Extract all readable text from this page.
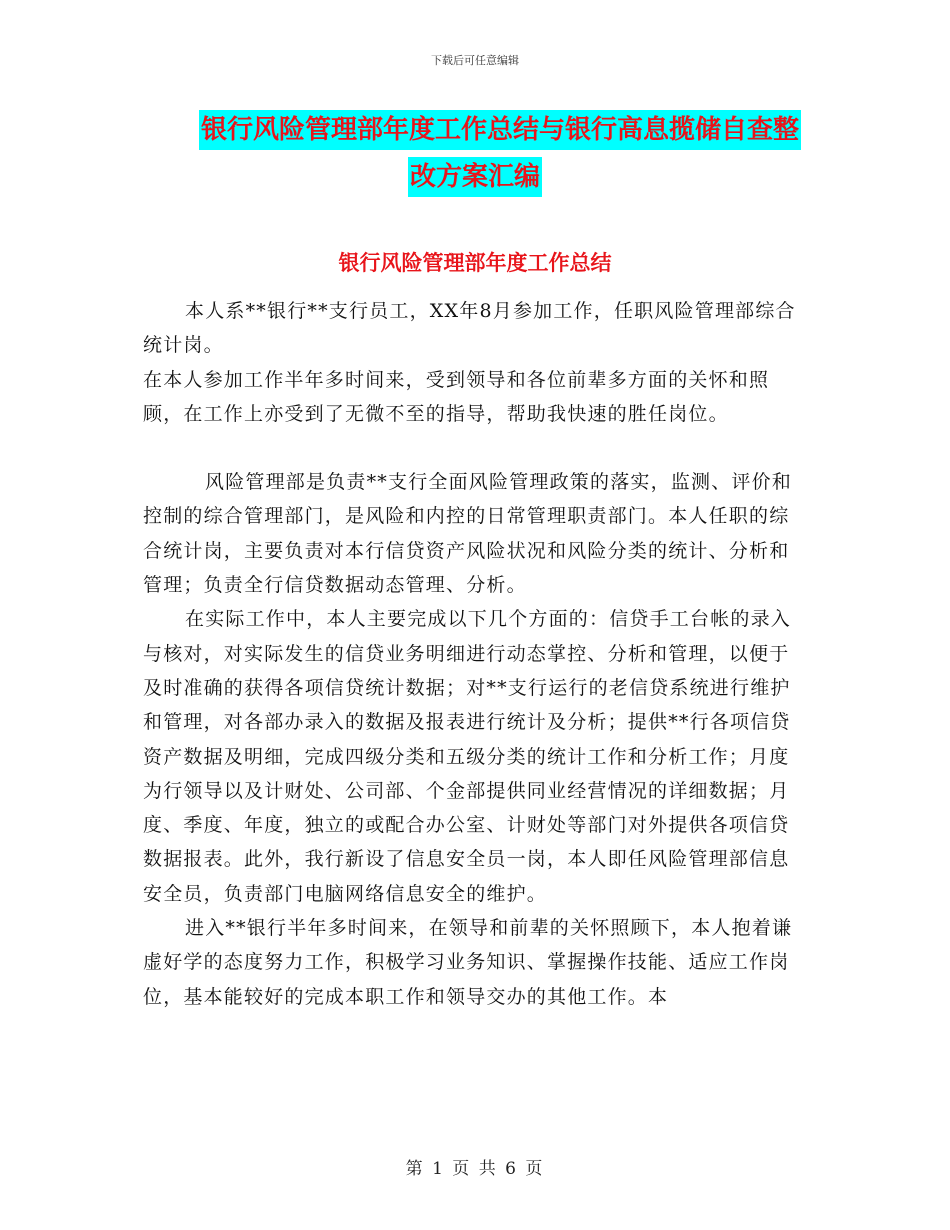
下载后可任意编辑
银行风险管理部年度工作总结与银行高息揽储自查整
改方案汇编
银行风险管理部年度工作总结

本人系**银行**支行员工，XX年8月参加工作，任职风险管理部综合统计岗。

在本人参加工作半年多时间来，受到领导和各位前辈多方面的关怀和照顾，在工作上亦受到了无微不至的指导，帮助我快速的胜任岗位。

风险管理部是负责**支行全面风险管理政策的落实，监测、评价和控制的综合管理部门，是风险和内控的日常管理职责部门。本人任职的综合统计岗，主要负责对本行信贷资产风险状况和风险分类的统计、分析和管理；负责全行信贷数据动态管理、分析。

在实际工作中，本人主要完成以下几个方面的：信贷手工台帐的录入与核对，对实际发生的信贷业务明细进行动态掌控、分析和管理，以便于及时准确的获得各项信贷统计数据；对**支行运行的老信贷系统进行维护和管理，对各部办录入的数据及报表进行统计及分析；提供**行各项信贷资产数据及明细，完成四级分类和五级分类的统计工作和分析工作；月度为行领导以及计财处、公司部、个金部提供同业经营情况的详细数据；月度、季度、年度，独立的或配合办公室、计财处等部门对外提供各项信贷数据报表。此外，我行新设了信息安全员一岗，本人即任风险管理部信息安全员，负责部门电脑网络信息安全的维护。

进入**银行半年多时间来，在领导和前辈的关怀照顾下，本人抱着谦虚好学的态度努力工作，积极学习业务知识、掌握操作技能、适应工作岗位，基本能较好的完成本职工作和领导交办的其他工作。本

第 1 页 共 6 页
